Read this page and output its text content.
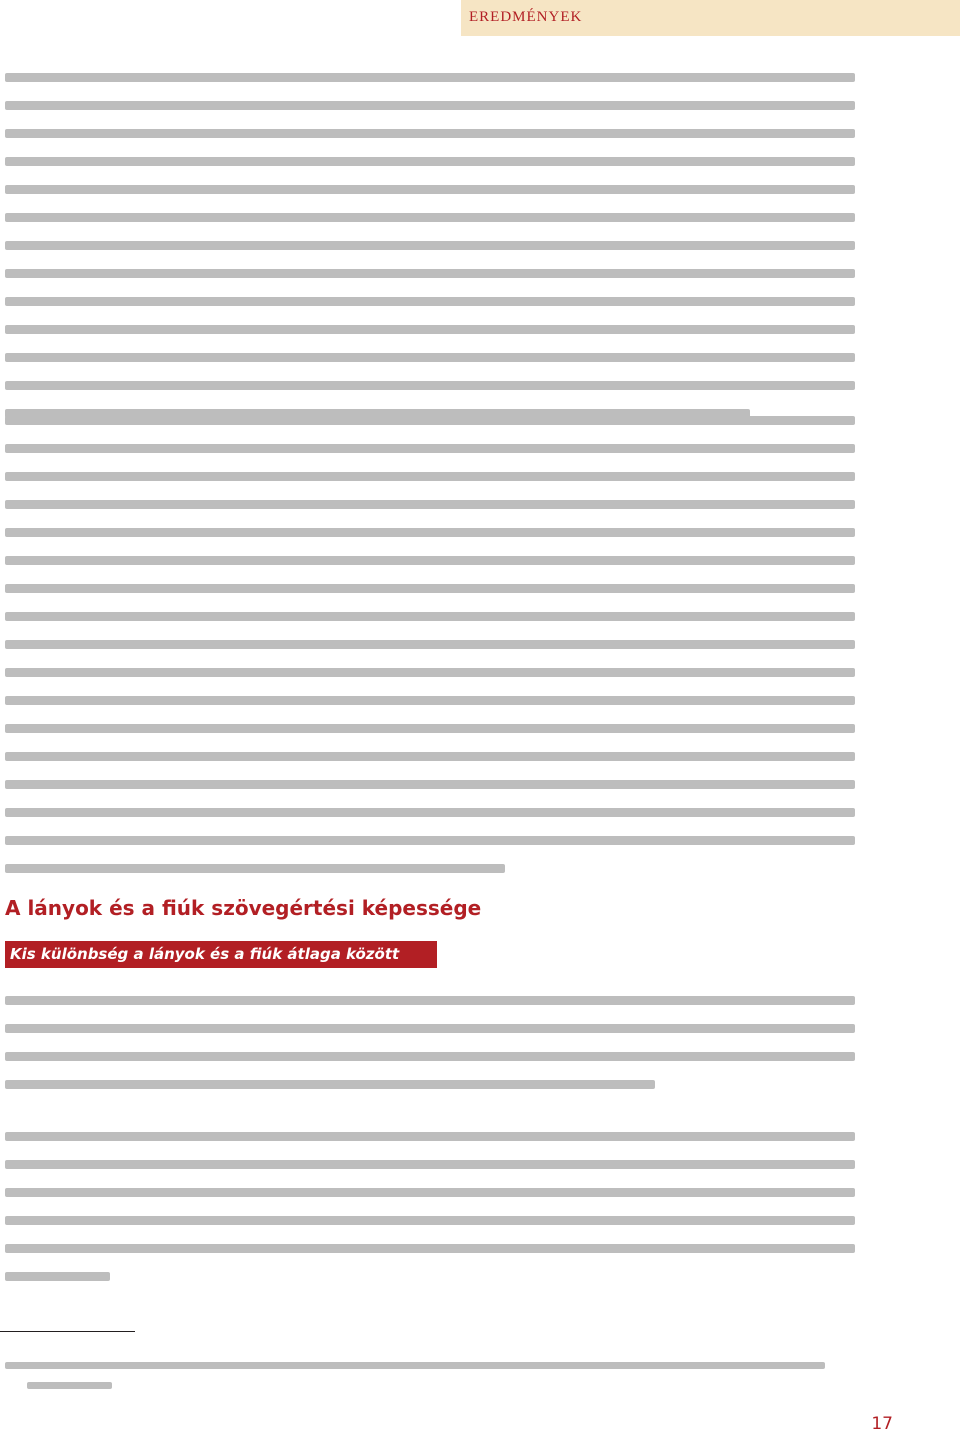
EREDMÉNYEK
A lányok és a fiúk szövegértési képessége
Kis különbség a lányok és a fiúk átlaga között
17
